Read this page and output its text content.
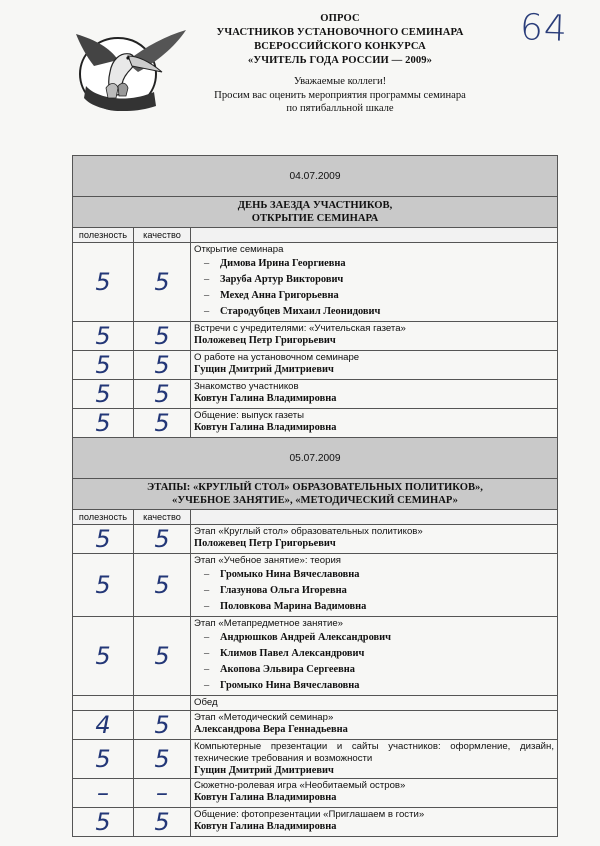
ОПРОС
УЧАСТНИКОВ УСТАНОВОЧНОГО СЕМИНАРА
ВСЕРОССИЙСКОГО КОНКУРСА
«УЧИТЕЛЬ ГОДА РОССИИ — 2009»
Уважаемые коллеги!
Просим вас оценить мероприятия программы семинара
по пятибалльной шкале
64
04.07.2009		

ДЕНЬ ЗАЕЗДА УЧАСТНИКОВ,
ОТКРЫТИЕ СЕМИНАРА		

полезность	качество	
5	5	Открытие семинара
– Димова Ирина Георгиевна
– Заруба Артур Викторович
– Мехед Анна Григорьевна
– Стародубцев Михаил Леонидович

5	5	Встречи с учредителями: «Учительская газета»
Положевец Петр Григорьевич

5	5	О работе на установочном семинаре
Гущин Дмитрий Дмитриевич

5	5	Знакомство участников
Ковтун Галина Владимировна

5	5	Общение: выпуск газеты
Ковтун Галина Владимировна

05.07.2009		

ЭТАПЫ: «КРУГЛЫЙ СТОЛ» ОБРАЗОВАТЕЛЬНЫХ ПОЛИТИКОВ»,
«УЧЕБНОЕ ЗАНЯТИЕ», «МЕТОДИЧЕСКИЙ СЕМИНАР»		

полезность	качество	
5	5	Этап «Круглый стол» образовательных политиков»
Положевец Петр Григорьевич

5	5	Этап «Учебное занятие»: теория
– Громыко Нина Вячеславовна
– Глазунова Ольга Игоревна
– Половкова Марина Вадимовна

5	5	Этап «Метапредметное занятие»
– Андрюшков Андрей Александрович
– Климов Павел Александрович
– Акопова Эльвира Сергеевна
– Громыко Нина Вячеславовна

		Обед

4	5	Этап «Методический семинар»
Александрова Вера Геннадьевна

5	5	Компьютерные презентации и сайты участников: оформление, дизайн, технические требования и возможности
Гущин Дмитрий Дмитриевич

–	–	Сюжетно-ролевая игра «Необитаемый остров»
Ковтун Галина Владимировна

5	5	Общение: фотопрезентации «Приглашаем в гости»
Ковтун Галина Владимировна
